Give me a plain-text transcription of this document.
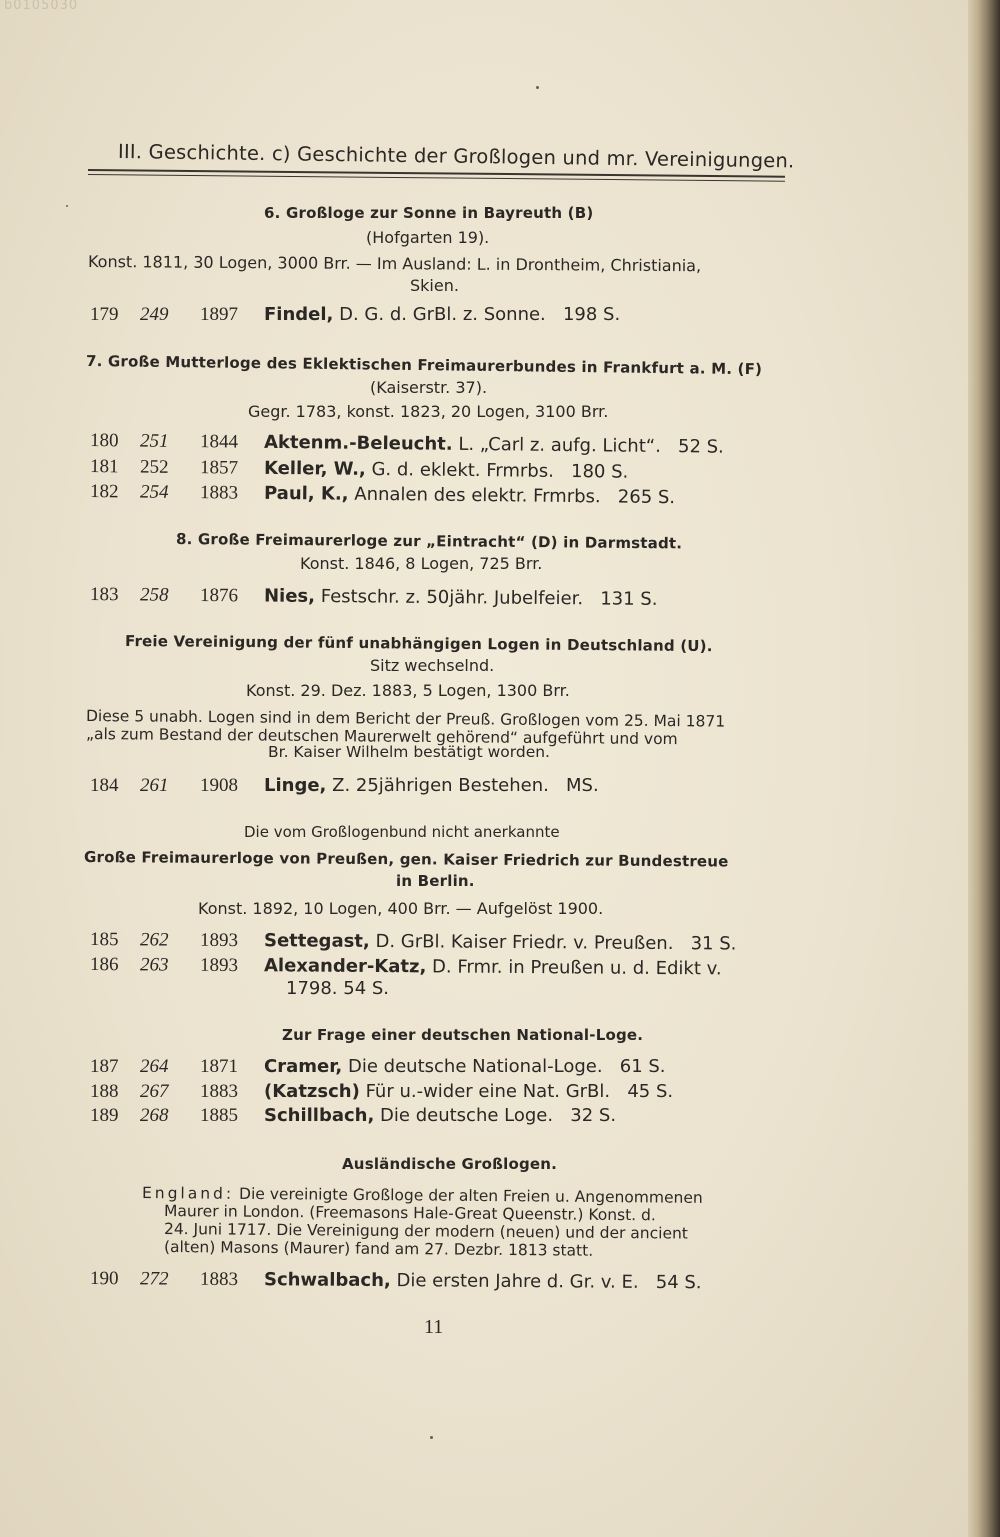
b0105030
III. Geschichte. c) Geschichte der Großlogen und mr. Vereinigungen.
6. Großloge zur Sonne in Bayreuth (B)
(Hofgarten 19).
Konst. 1811, 30 Logen, 3000 Brr. — Im Ausland: L. in Drontheim, Christiania,
Skien.
179 249 1897 Findel, D. G. d. GrBl. z. Sonne. 198 S.
7. Große Mutterloge des Eklektischen Freimaurerbundes in Frankfurt a. M. (F)
(Kaiserstr. 37).
Gegr. 1783, konst. 1823, 20 Logen, 3100 Brr.
180 251 1844 Aktenm.-Beleucht. L. „Carl z. aufg. Licht“. 52 S.
181 252 1857 Keller, W., G. d. eklekt. Frmrbs. 180 S.
182 254 1883 Paul, K., Annalen des elektr. Frmrbs. 265 S.
8. Große Freimaurerloge zur „Eintracht“ (D) in Darmstadt.
Konst. 1846, 8 Logen, 725 Brr.
183 258 1876 Nies, Festschr. z. 50jähr. Jubelfeier. 131 S.
Freie Vereinigung der fünf unabhängigen Logen in Deutschland (U).
Sitz wechselnd.
Konst. 29. Dez. 1883, 5 Logen, 1300 Brr.
Diese 5 unabh. Logen sind in dem Bericht der Preuß. Großlogen vom 25. Mai 1871
„als zum Bestand der deutschen Maurerwelt gehörend“ aufgeführt und vom
Br. Kaiser Wilhelm bestätigt worden.
184 261 1908 Linge, Z. 25jährigen Bestehen. MS.
Die vom Großlogenbund nicht anerkannte
Große Freimaurerloge von Preußen, gen. Kaiser Friedrich zur Bundestreue
in Berlin.
Konst. 1892, 10 Logen, 400 Brr. — Aufgelöst 1900.
185 262 1893 Settegast, D. GrBl. Kaiser Friedr. v. Preußen. 31 S.
186 263 1893 Alexander-Katz, D. Frmr. in Preußen u. d. Edikt v.
1798. 54 S.
Zur Frage einer deutschen National-Loge.
187 264 1871 Cramer, Die deutsche National-Loge. 61 S.
188 267 1883 (Katzsch) Für u.-wider eine Nat. GrBl. 45 S.
189 268 1885 Schillbach, Die deutsche Loge. 32 S.
Ausländische Großlogen.
England: Die vereinigte Großloge der alten Freien u. Angenommenen
Maurer in London. (Freemasons Hale-Great Queenstr.) Konst. d.
24. Juni 1717. Die Vereinigung der modern (neuen) und der ancient
(alten) Masons (Maurer) fand am 27. Dezbr. 1813 statt.
190 272 1883 Schwalbach, Die ersten Jahre d. Gr. v. E. 54 S.
11
